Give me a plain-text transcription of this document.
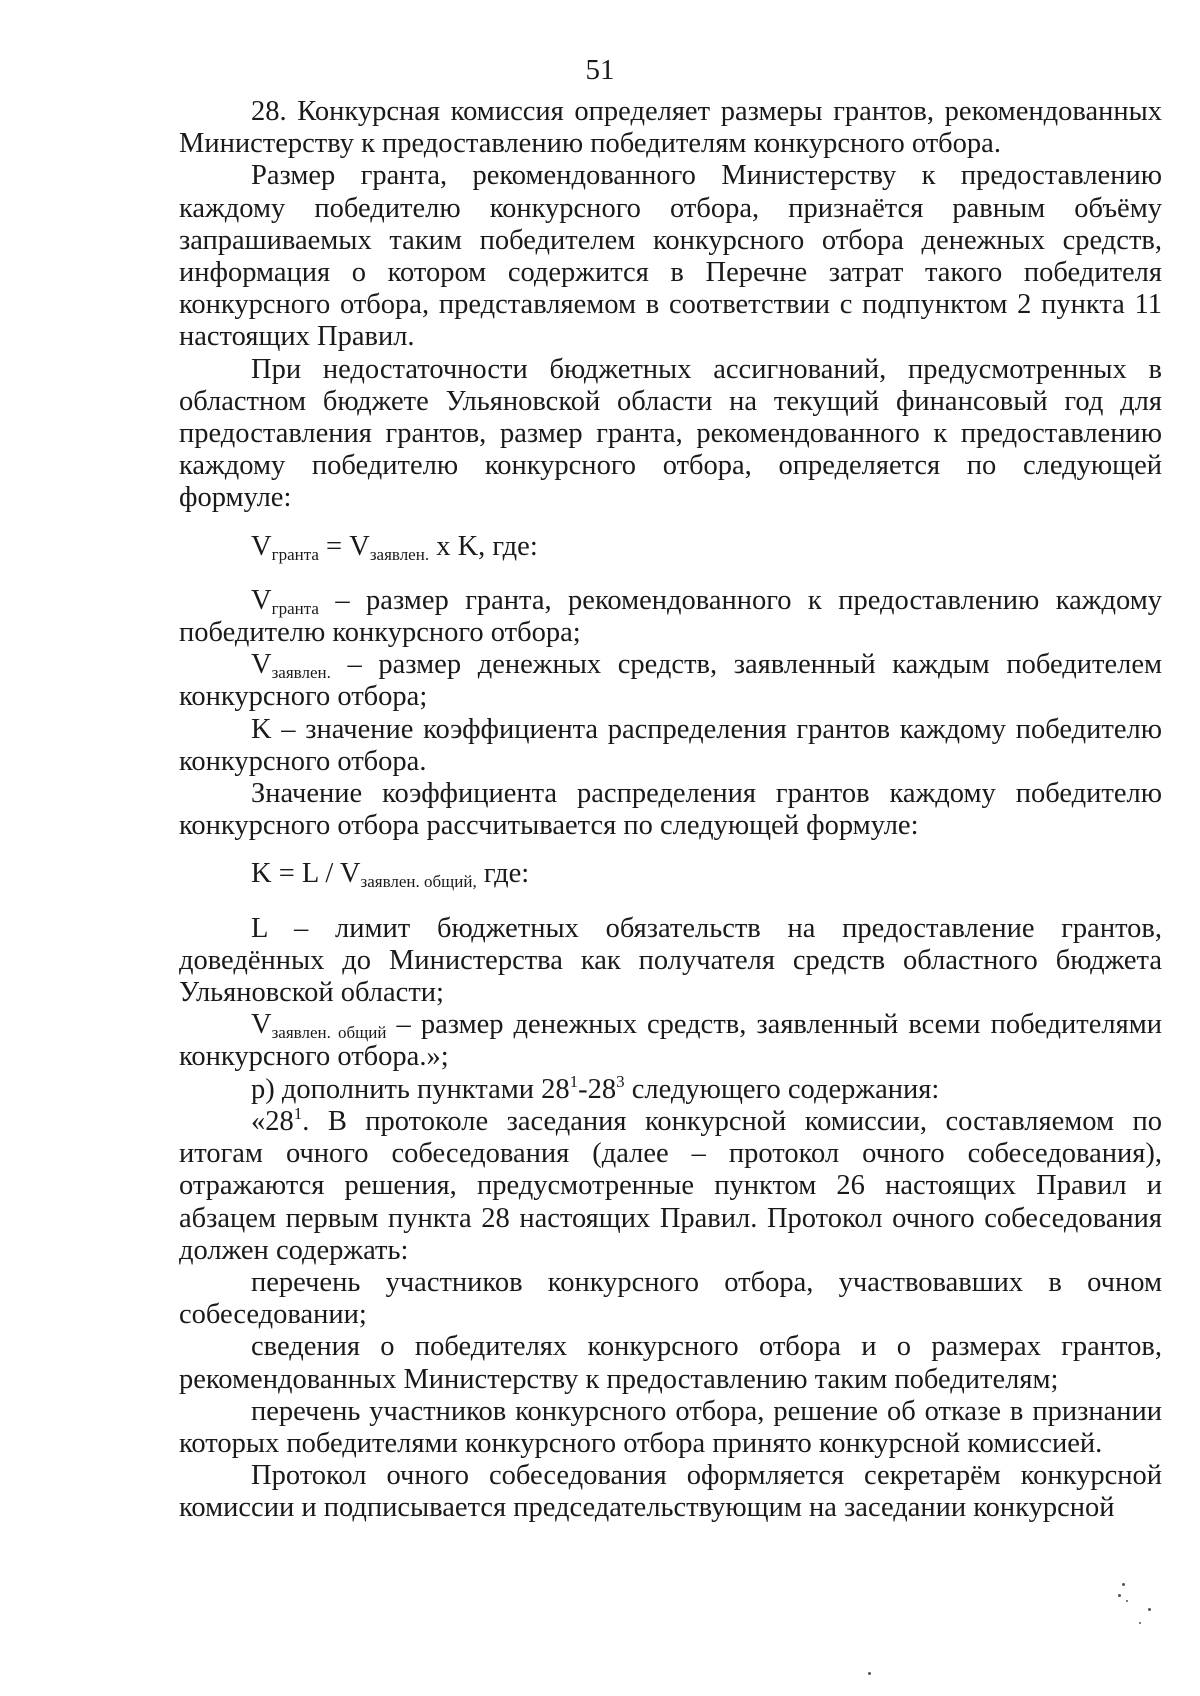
51

28. Конкурсная комиссия определяет размеры грантов, рекомендованных Министерству к предоставлению победителям конкурсного отбора.

Размер гранта, рекомендованного Министерству к предоставлению каждому победителю конкурсного отбора, признаётся равным объёму запрашиваемых таким победителем конкурсного отбора денежных средств, информация о котором содержится в Перечне затрат такого победителя конкурсного отбора, представляемом в соответствии с подпунктом 2 пункта 11 настоящих Правил.

При недостаточности бюджетных ассигнований, предусмотренных в областном бюджете Ульяновской области на текущий финансовый год для предоставления грантов, размер гранта, рекомендованного к предоставлению каждому победителю конкурсного отбора, определяется по следующей формуле:

$V_{гранта} = V_{заявлен.}$ x K, где:

$V_{гранта}$ – размер гранта, рекомендованного к предоставлению каждому победителю конкурсного отбора;

$V_{заявлен.}$ – размер денежных средств, заявленный каждым победителем конкурсного отбора;

K – значение коэффициента распределения грантов каждому победителю конкурсного отбора.

Значение коэффициента распределения грантов каждому победителю конкурсного отбора рассчитывается по следующей формуле:

$K = L / V_{заявлен. общий,}$ где:

L – лимит бюджетных обязательств на предоставление грантов, доведённых до Министерства как получателя средств областного бюджета Ульяновской области;

$V_{заявлен. общий}$ – размер денежных средств, заявленный всеми победителями конкурсного отбора.»;

р) дополнить пунктами $28^1-28^3$ следующего содержания:

«$28^1$. В протоколе заседания конкурсной комиссии, составляемом по итогам очного собеседования (далее – протокол очного собеседования), отражаются решения, предусмотренные пунктом 26 настоящих Правил и абзацем первым пункта 28 настоящих Правил. Протокол очного собеседования должен содержать:

перечень участников конкурсного отбора, участвовавших в очном собеседовании;

сведения о победителях конкурсного отбора и о размерах грантов, рекомендованных Министерству к предоставлению таким победителям;

перечень участников конкурсного отбора, решение об отказе в признании которых победителями конкурсного отбора принято конкурсной комиссией.

Протокол очного собеседования оформляется секретарём конкурсной комиссии и подписывается председательствующим на заседании конкурсной
